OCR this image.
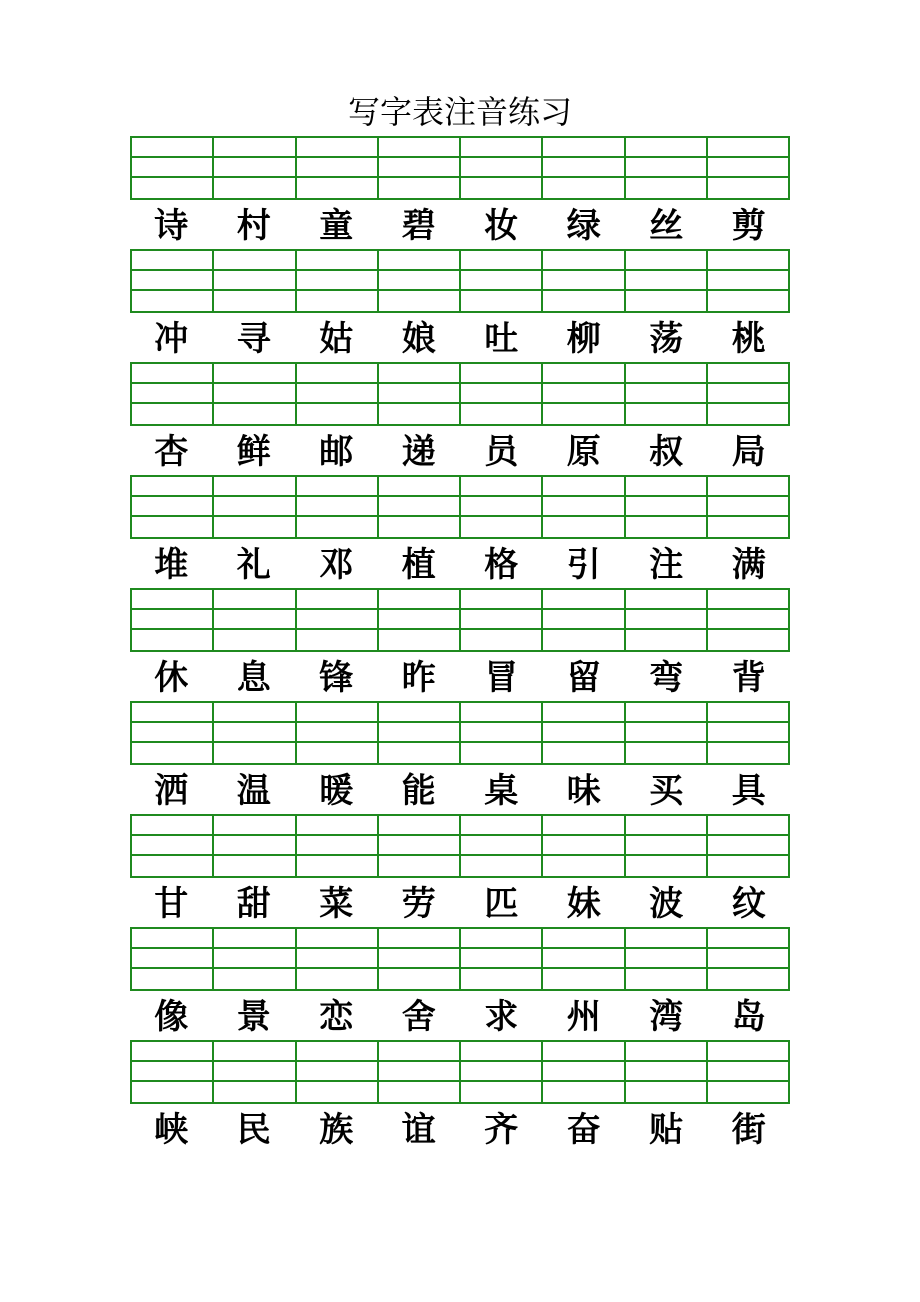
写字表注音练习
诗	村	童	碧	妆	绿	丝	剪
冲	寻	姑	娘	吐	柳	荡	桃
杏	鲜	邮	递	员	原	叔	局
堆	礼	邓	植	格	引	注	满
休	息	锋	昨	冒	留	弯	背
洒	温	暖	能	桌	味	买	具
甘	甜	菜	劳	匹	妹	波	纹
像	景	恋	舍	求	州	湾	岛
峡	民	族	谊	齐	奋	贴	街
